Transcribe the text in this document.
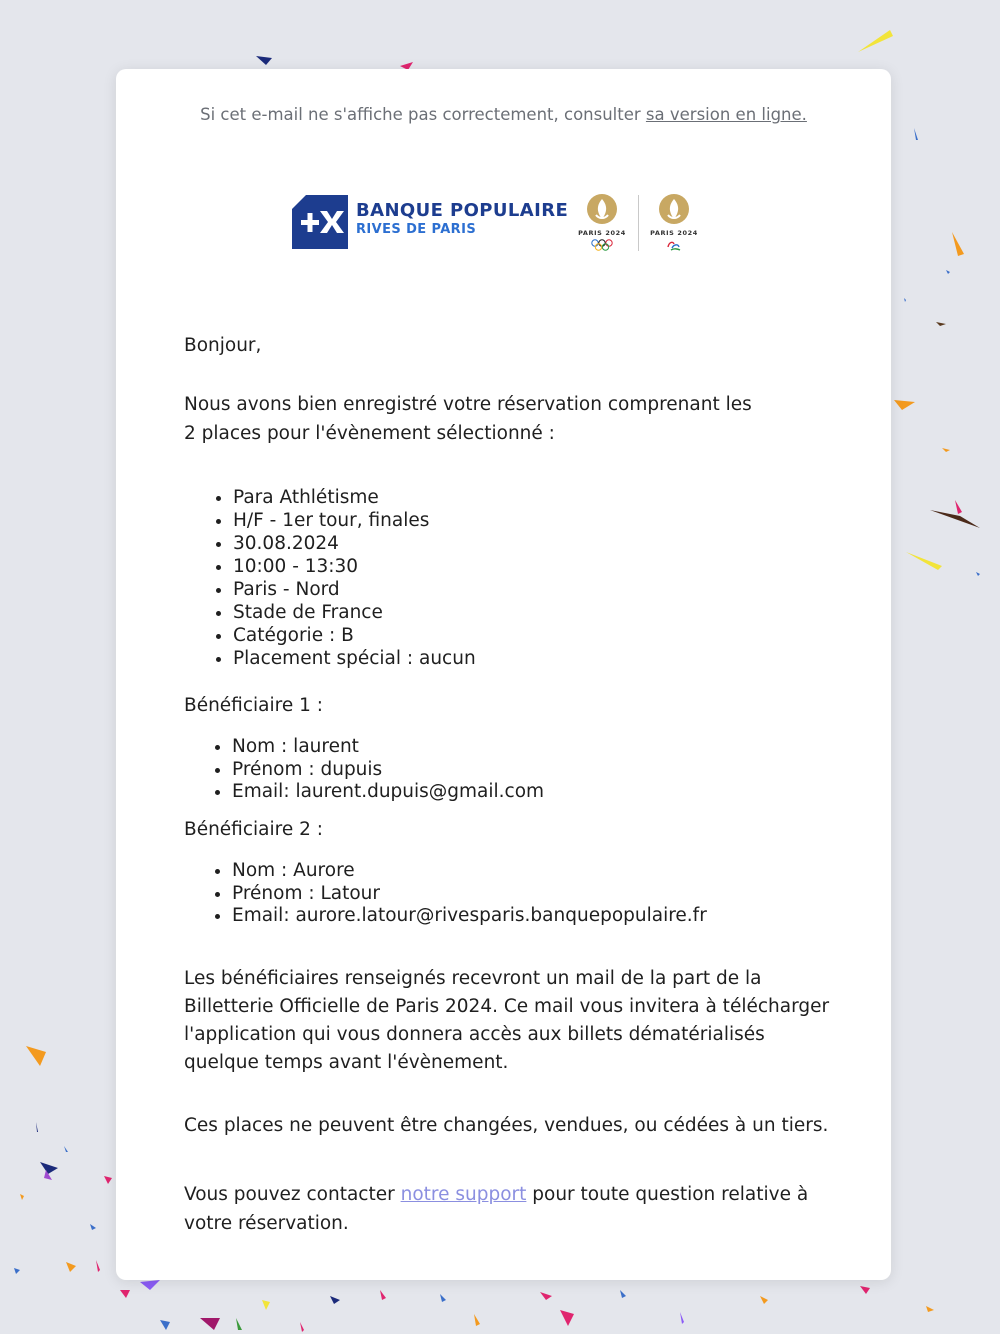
Si cet e-mail ne s'affiche pas correctement, consulter sa version en ligne.
BANQUE POPULAIRE
RIVES DE PARIS	PARIS 2024	PARIS 2024
Bonjour,
Nous avons bien enregistré votre réservation comprenant les
2 places pour l'évènement sélectionné :
• Para Athlétisme
• H/F - 1er tour, finales
• 30.08.2024
• 10:00 - 13:30
• Paris - Nord
• Stade de France
• Catégorie : B
• Placement spécial : aucun
Bénéficiaire 1 :
• Nom : laurent
• Prénom : dupuis
• Email: laurent.dupuis@gmail.com
Bénéficiaire 2 :
• Nom : Aurore
• Prénom : Latour
• Email: aurore.latour@rivesparis.banquepopulaire.fr
Les bénéficiaires renseignés recevront un mail de la part de la
Billetterie Officielle de Paris 2024. Ce mail vous invitera à télécharger
l'application qui vous donnera accès aux billets dématérialisés
quelque temps avant l'évènement.
Ces places ne peuvent être changées, vendues, ou cédées à un tiers.
Vous pouvez contacter notre support pour toute question relative à
votre réservation.
